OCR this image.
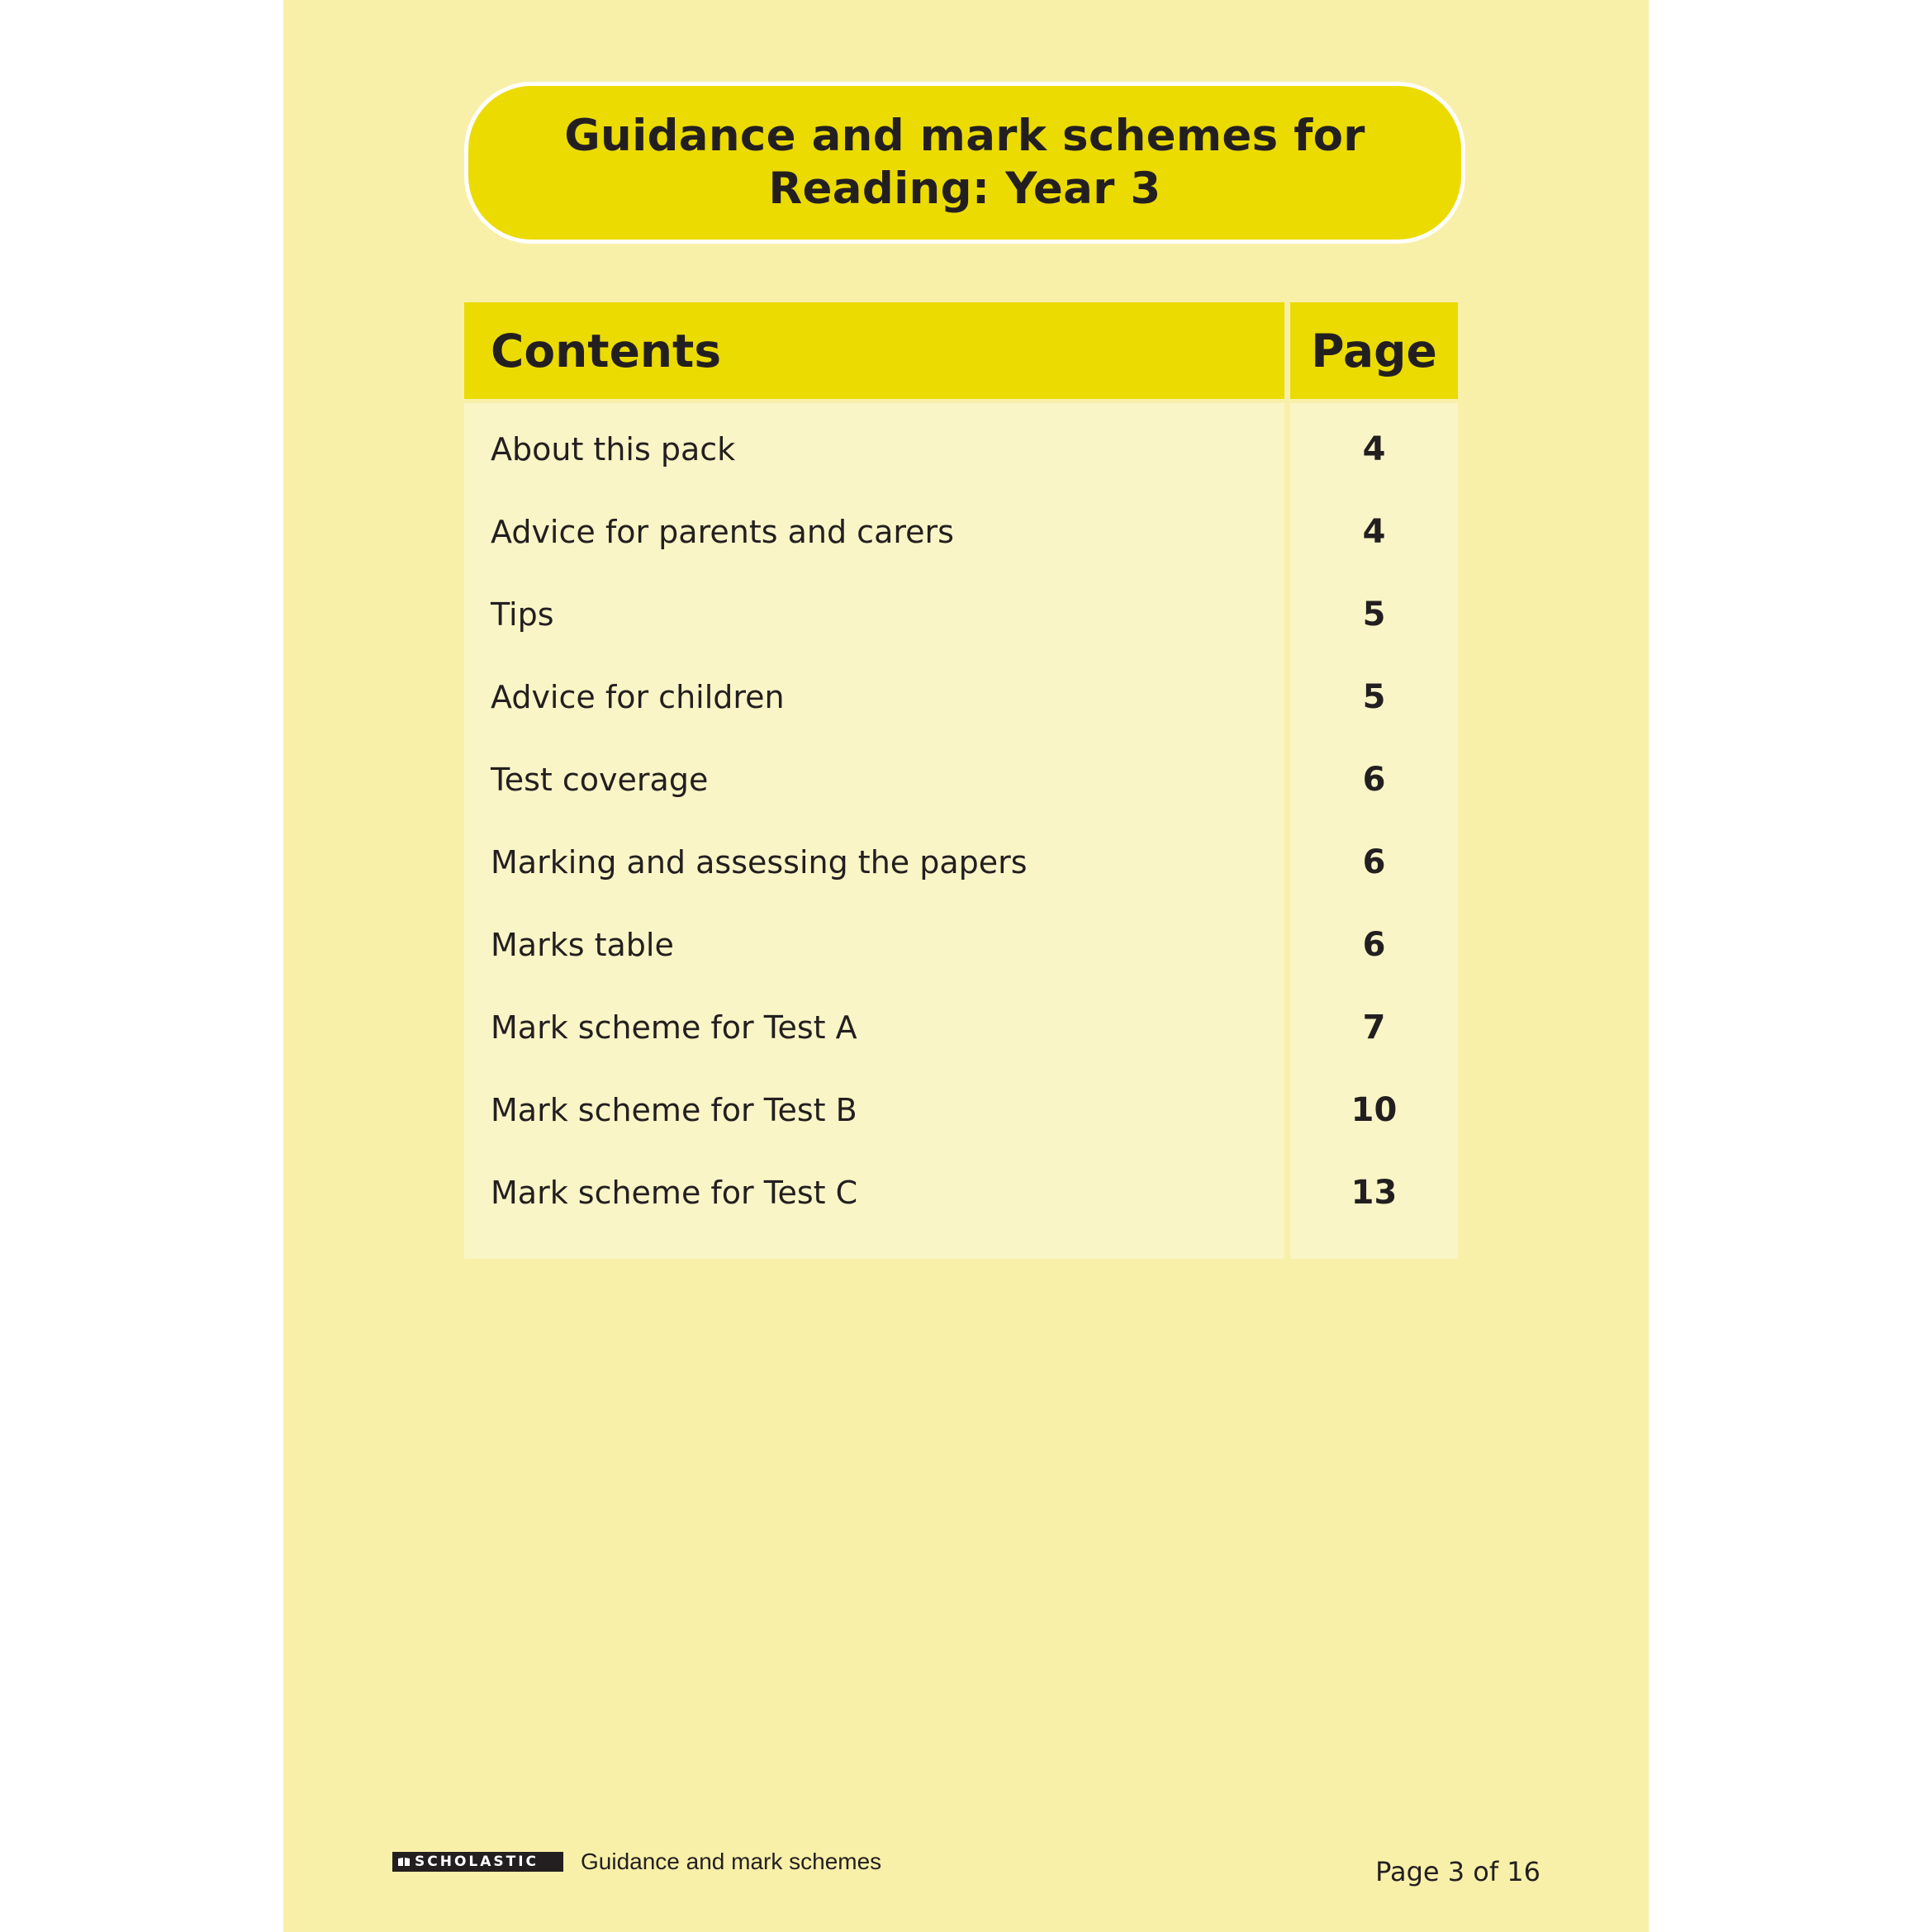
Guidance and mark schemes for
Reading: Year 3
Contents	Page
About this pack	4
Advice for parents and carers	4
Tips	5
Advice for children	5
Test coverage	6
Marking and assessing the papers	6
Marks table	6
Mark scheme for Test A	7
Mark scheme for Test B	10
Mark scheme for Test C	13
SCHOLASTIC Guidance and mark schemes	Page 3 of 16
